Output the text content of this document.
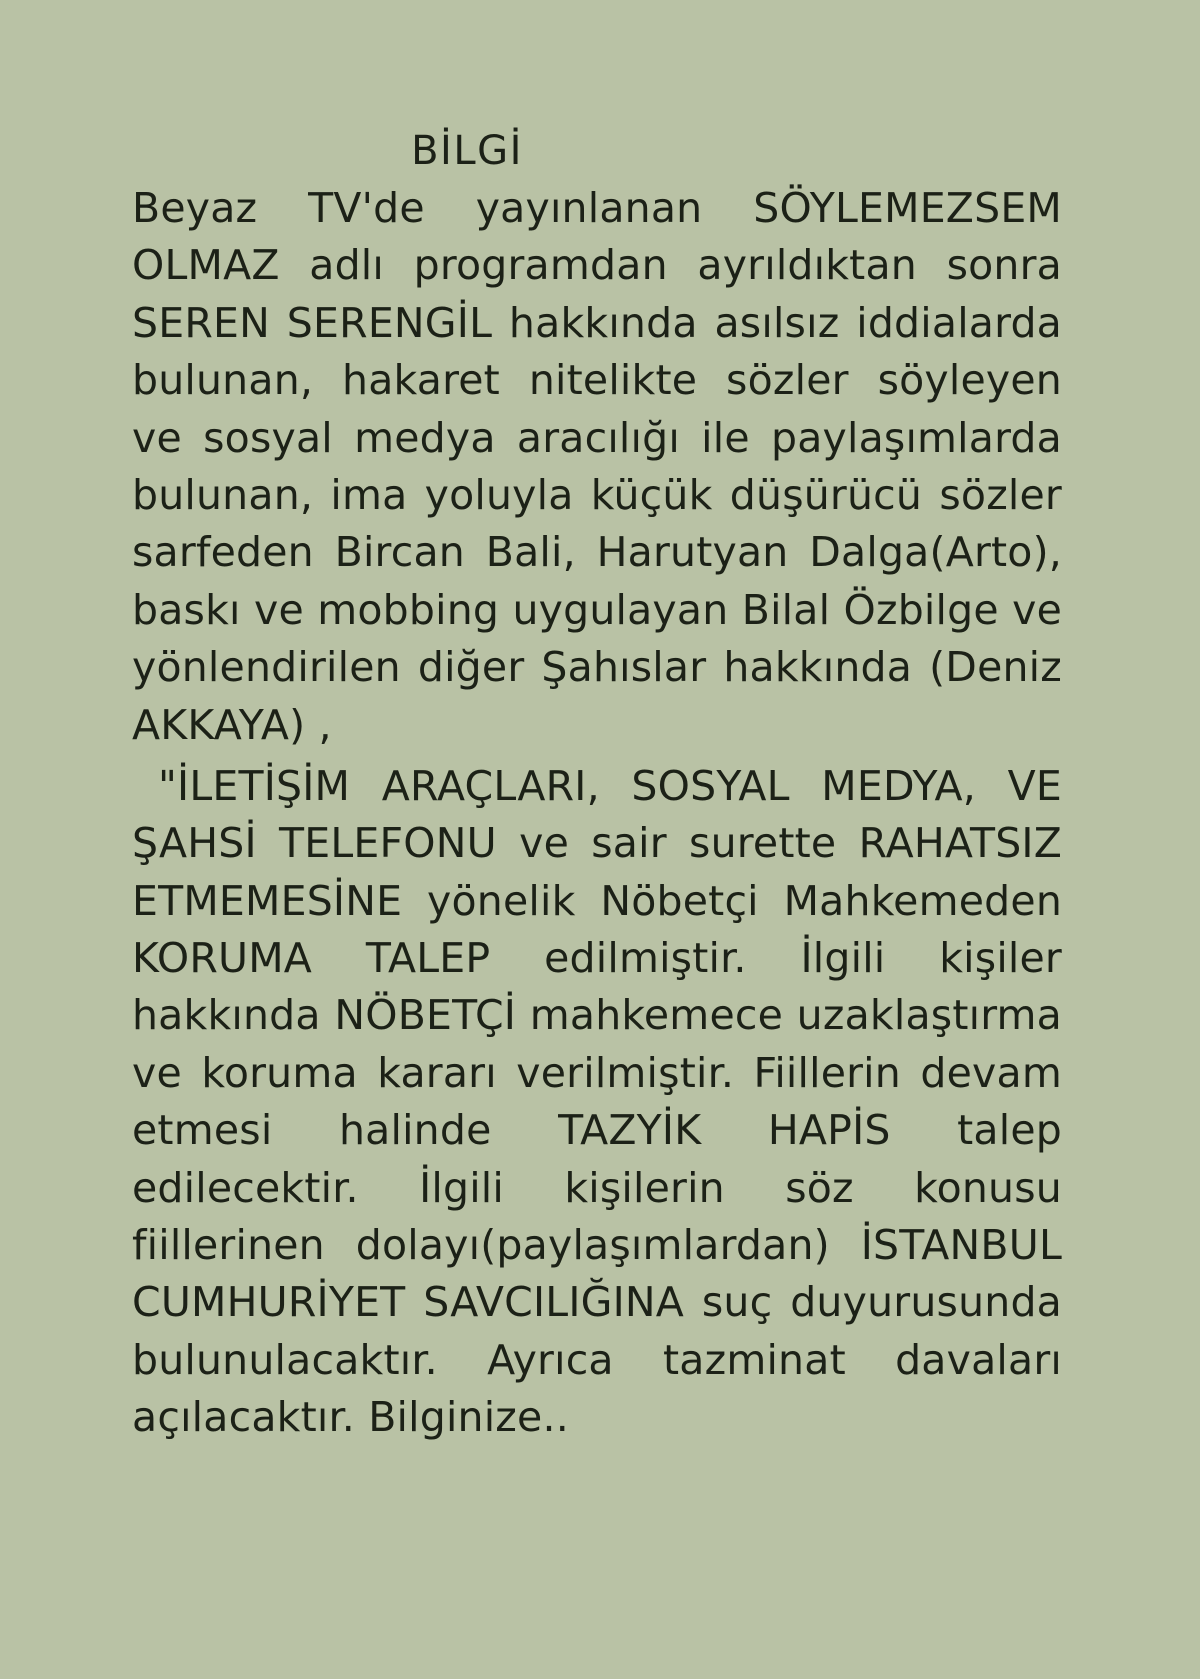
BİLGİ

Beyaz TV'de yayınlanan SÖYLEMEZSEM OLMAZ adlı programdan ayrıldıktan sonra SEREN SERENGİL hakkında asılsız iddialarda bulunan, hakaret nitelikte sözler söyleyen ve sosyal medya aracılığı ile paylaşımlarda bulunan, ima yoluyla küçük düşürücü sözler sarfeden Bircan Bali, Harutyan Dalga(Arto), baskı ve mobbing uygulayan Bilal Özbilge ve yönlendirilen diğer Şahıslar hakkında (Deniz AKKAYA) ,

"İLETİŞİM ARAÇLARI, SOSYAL MEDYA, VE ŞAHSİ TELEFONU ve sair surette RAHATSIZ ETMEMESİNE yönelik Nöbetçi Mahkemeden KORUMA TALEP edilmiştir. İlgili kişiler hakkında NÖBETÇİ mahkemece uzaklaştırma ve koruma kararı verilmiştir. Fiillerin devam etmesi halinde TAZYİK HAPİS talep edilecektir. İlgili kişilerin söz konusu fiillerinen dolayı(paylaşımlardan) İSTANBUL CUMHURİYET SAVCILIĞINA suç duyurusunda bulunulacaktır. Ayrıca tazminat davaları açılacaktır. Bilginize..
